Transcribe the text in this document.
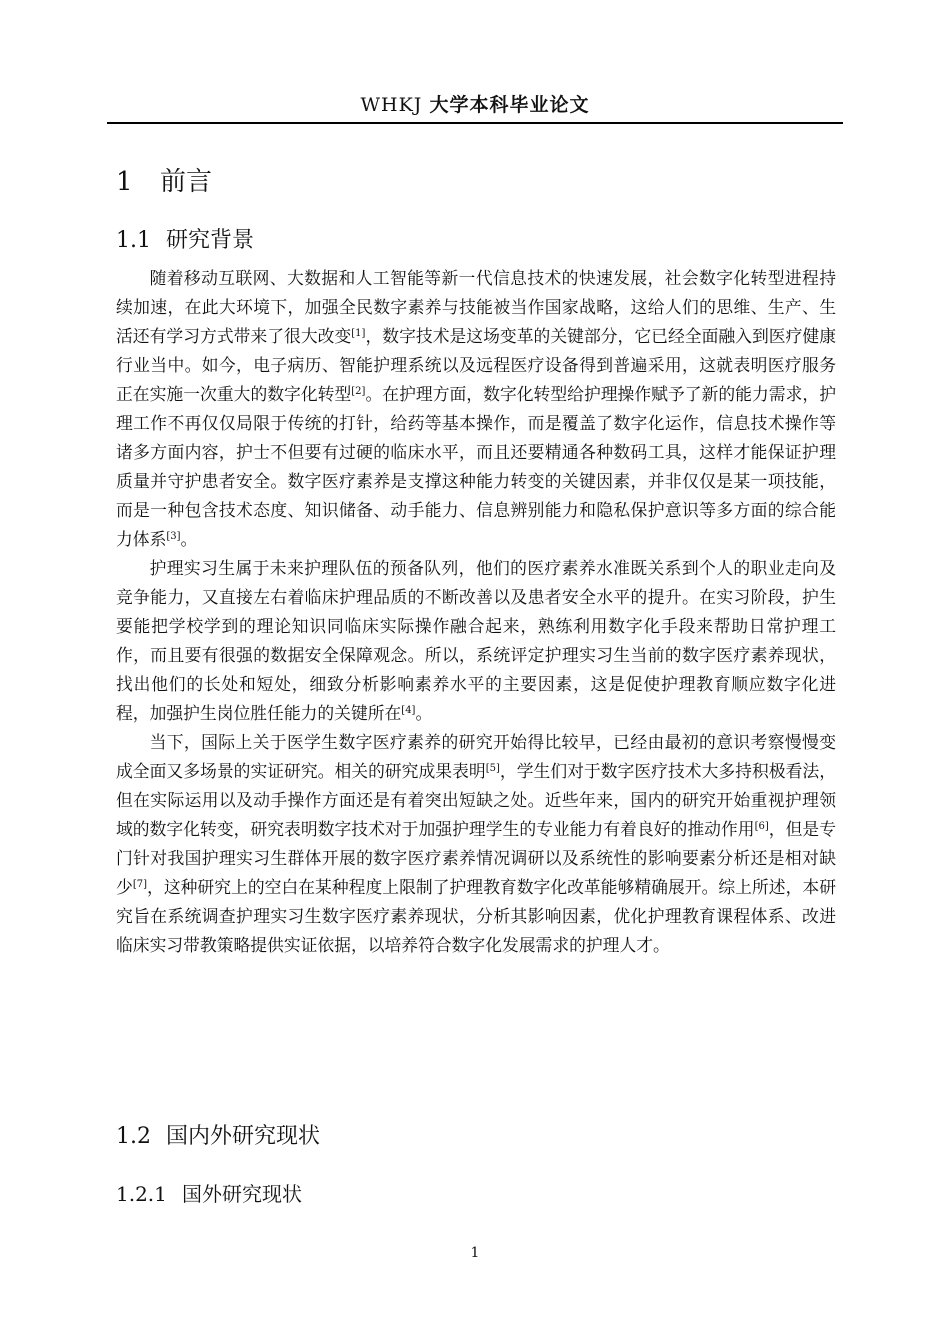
WHKJ 大学本科毕业论文
1 前言
1.1 研究背景

随着移动互联网、大数据和人工智能等新一代信息技术的快速发展，社会数字化转型进程持续加速，在此大环境下，加强全民数字素养与技能被当作国家战略，这给人们的思维、生产、生活还有学习方式带来了很大改变[1]，数字技术是这场变革的关键部分，它已经全面融入到医疗健康行业当中。如今，电子病历、智能护理系统以及远程医疗设备得到普遍采用，这就表明医疗服务正在实施一次重大的数字化转型[2]。在护理方面，数字化转型给护理操作赋予了新的能力需求，护理工作不再仅仅局限于传统的打针，给药等基本操作，而是覆盖了数字化运作，信息技术操作等诸多方面内容，护士不但要有过硬的临床水平，而且还要精通各种数码工具，这样才能保证护理质量并守护患者安全。数字医疗素养是支撑这种能力转变的关键因素，并非仅仅是某一项技能，而是一种包含技术态度、知识储备、动手能力、信息辨别能力和隐私保护意识等多方面的综合能力体系[3]。

护理实习生属于未来护理队伍的预备队列，他们的医疗素养水准既关系到个人的职业走向及竞争能力，又直接左右着临床护理品质的不断改善以及患者安全水平的提升。在实习阶段，护生要能把学校学到的理论知识同临床实际操作融合起来，熟练利用数字化手段来帮助日常护理工作，而且要有很强的数据安全保障观念。所以，系统评定护理实习生当前的数字医疗素养现状，找出他们的长处和短处，细致分析影响素养水平的主要因素，这是促使护理教育顺应数字化进程，加强护生岗位胜任能力的关键所在[4]。

当下，国际上关于医学生数字医疗素养的研究开始得比较早，已经由最初的意识考察慢慢变成全面又多场景的实证研究。相关的研究成果表明[5]，学生们对于数字医疗技术大多持积极看法，但在实际运用以及动手操作方面还是有着突出短缺之处。近些年来，国内的研究开始重视护理领域的数字化转变，研究表明数字技术对于加强护理学生的专业能力有着良好的推动作用[6]，但是专门针对我国护理实习生群体开展的数字医疗素养情况调研以及系统性的影响要素分析还是相对缺少[7]，这种研究上的空白在某种程度上限制了护理教育数字化改革能够精确展开。综上所述，本研究旨在系统调查护理实习生数字医疗素养现状，分析其影响因素，优化护理教育课程体系、改进临床实习带教策略提供实证依据，以培养符合数字化发展需求的护理人才。

1.2 国内外研究现状
1.2.1 国外研究现状
1
